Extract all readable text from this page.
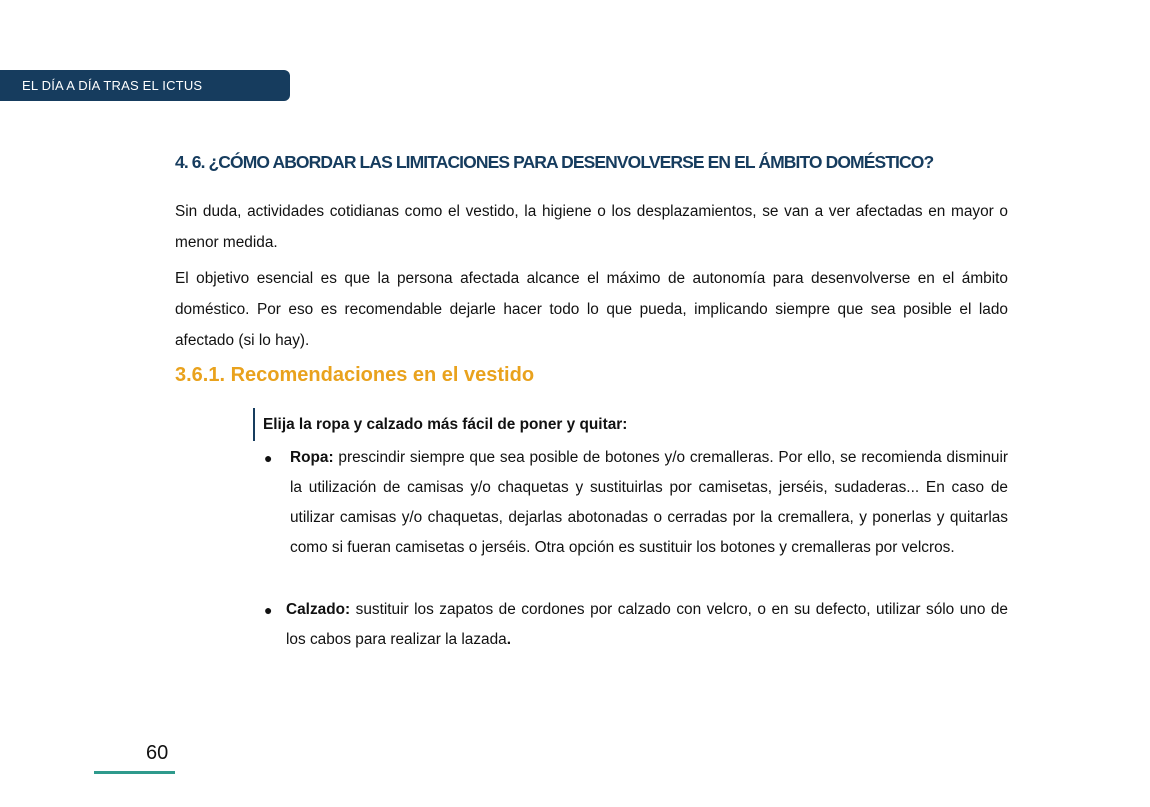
EL DÍA A DÍA TRAS EL ICTUS
4. 6. ¿CÓMO ABORDAR LAS LIMITACIONES PARA DESENVOLVERSE EN EL ÁMBITO DOMÉSTICO?

Sin duda, actividades cotidianas como el vestido, la higiene o los desplazamientos, se van a ver afectadas en mayor o menor medida.

El objetivo esencial es que la persona afectada alcance el máximo de autonomía para desenvolverse en el ámbito doméstico. Por eso es recomendable dejarle hacer todo lo que pueda, implicando siempre que sea posible el lado afectado (si lo hay).

3.6.1. Recomendaciones en el vestido
Elija la ropa y calzado más fácil de poner y quitar:
●	Ropa: prescindir siempre que sea posible de botones y/o cremalleras. Por ello, se recomienda disminuir la utilización de camisas y/o chaquetas y sustituirlas por camisetas, jerséis, sudaderas... En caso de utilizar camisas y/o chaquetas, dejarlas abotonadas o cerradas por la cremallera, y ponerlas y quitarlas como si fueran camisetas o jerséis. Otra opción es sustituir los botones y cremalleras por velcros.

● Calzado: sustituir los zapatos de cordones por calzado con velcro, o en su defecto, utilizar sólo uno de los cabos para realizar la lazada.

60
